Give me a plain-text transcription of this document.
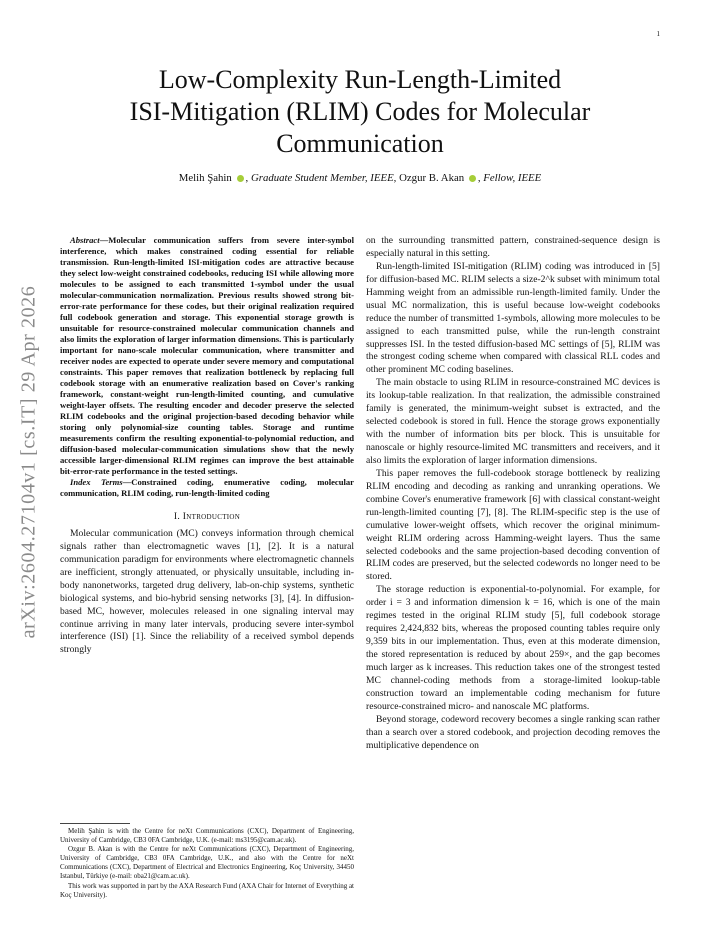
1
arXiv:2604.27104v1 [cs.IT] 29 Apr 2026
Low-Complexity Run-Length-Limited
ISI-Mitigation (RLIM) Codes for Molecular
Communication
Melih Şahin , Graduate Student Member, IEEE, Ozgur B. Akan , Fellow, IEEE

Abstract—Molecular communication suffers from severe inter-symbol interference, which makes constrained coding essential for reliable transmission. Run-length-limited ISI-mitigation codes are attractive because they select low-weight constrained codebooks, reducing ISI while allowing more molecules to be assigned to each transmitted 1-symbol under the usual molecular-communication normalization. Previous results showed strong bit-error-rate performance for these codes, but their original realization required full codebook generation and storage. This exponential storage growth is unsuitable for resource-constrained molecular communication channels and also limits the exploration of larger information dimensions. This is particularly important for nano-scale molecular communication, where transmitter and receiver nodes are expected to operate under severe memory and computational constraints. This paper removes that realization bottleneck by replacing full codebook storage with an enumerative realization based on Cover's ranking framework, constant-weight run-length-limited counting, and cumulative weight-layer offsets. The resulting encoder and decoder preserve the selected RLIM codebooks and the original projection-based decoding behavior while storing only polynomial-size counting tables. Storage and runtime measurements confirm the resulting exponential-to-polynomial reduction, and diffusion-based molecular-communication simulations show that the newly accessible larger-dimensional RLIM regimes can improve the best attainable bit-error-rate performance in the tested settings.

Index Terms—Constrained coding, enumerative coding, molecular communication, RLIM coding, run-length-limited coding

I. Introduction

Molecular communication (MC) conveys information through chemical signals rather than electromagnetic waves [1], [2]. It is a natural communication paradigm for environments where electromagnetic channels are inefficient, strongly attenuated, or physically unsuitable, including in-body nanonetworks, targeted drug delivery, lab-on-chip systems, synthetic biological systems, and bio-hybrid sensing networks [3], [4]. In diffusion-based MC, however, molecules released in one signaling interval may continue arriving in many later intervals, producing severe inter-symbol interference (ISI) [1]. Since the reliability of a received symbol depends strongly

Melih Şahin is with the Centre for neXt Communications (CXC), Department of Engineering, University of Cambridge, CB3 0FA Cambridge, U.K. (e-mail: ms3195@cam.ac.uk).

Ozgur B. Akan is with the Centre for neXt Communications (CXC), Department of Engineering, University of Cambridge, CB3 0FA Cambridge, U.K., and also with the Centre for neXt Communications (CXC), Department of Electrical and Electronics Engineering, Koç University, 34450 Istanbul, Türkiye (e-mail: oba21@cam.ac.uk).

This work was supported in part by the AXA Research Fund (AXA Chair for Internet of Everything at Koç University).

on the surrounding transmitted pattern, constrained-sequence design is especially natural in this setting.

Run-length-limited ISI-mitigation (RLIM) coding was introduced in [5] for diffusion-based MC. RLIM selects a size-2^k subset with minimum total Hamming weight from an admissible run-length-limited family. Under the usual MC normalization, this is useful because low-weight codebooks reduce the number of transmitted 1-symbols, allowing more molecules to be assigned to each transmitted pulse, while the run-length constraint suppresses ISI. In the tested diffusion-based MC settings of [5], RLIM was the strongest coding scheme when compared with classical RLL codes and other prominent MC coding baselines.

The main obstacle to using RLIM in resource-constrained MC devices is its lookup-table realization. In that realization, the admissible constrained family is generated, the minimum-weight subset is extracted, and the selected codebook is stored in full. Hence the storage grows exponentially with the number of information bits per block. This is unsuitable for nanoscale or highly resource-limited MC transmitters and receivers, and it also limits the exploration of larger information dimensions.

This paper removes the full-codebook storage bottleneck by realizing RLIM encoding and decoding as ranking and unranking operations. We combine Cover's enumerative framework [6] with classical constant-weight run-length-limited counting [7], [8]. The RLIM-specific step is the use of cumulative lower-weight offsets, which recover the original minimum-weight RLIM ordering across Hamming-weight layers. Thus the same selected codebooks and the same projection-based decoding convention of RLIM codes are preserved, but the selected codewords no longer need to be stored.

The storage reduction is exponential-to-polynomial. For example, for order i = 3 and information dimension k = 16, which is one of the main regimes tested in the original RLIM study [5], full codebook storage requires 2,424,832 bits, whereas the proposed counting tables require only 9,359 bits in our implementation. Thus, even at this moderate dimension, the stored representation is reduced by about 259×, and the gap becomes much larger as k increases. This reduction takes one of the strongest tested MC channel-coding methods from a storage-limited lookup-table construction toward an implementable coding mechanism for future resource-constrained micro- and nanoscale MC platforms.

Beyond storage, codeword recovery becomes a single ranking scan rather than a search over a stored codebook, and projection decoding removes the multiplicative dependence on
